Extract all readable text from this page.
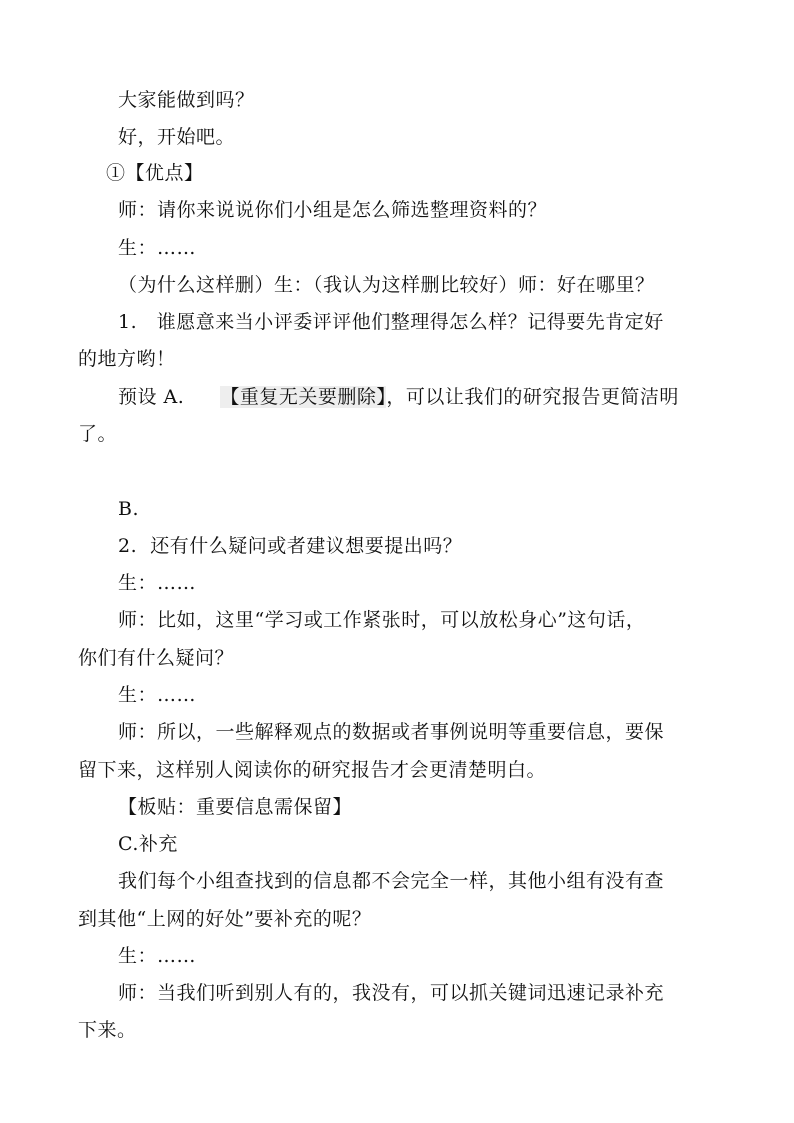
大家能做到吗？
好，开始吧。
①【优点】
师：请你来说说你们小组是怎么筛选整理资料的？
生：……
（为什么这样删）生：（我认为这样删比较好）师：好在哪里？
1.   谁愿意来当小评委评评他们整理得怎么样？记得要先肯定好
的地方哟！
预设 A. 【重复无关要删除】，可以让我们的研究报告更简洁明
了。
B.
2.  还有什么疑问或者建议想要提出吗？
生：……
师：比如，这里“学习或工作紧张时，可以放松身心”这句话，
你们有什么疑问？
生：……
师：所以，一些解释观点的数据或者事例说明等重要信息，要保
留下来，这样别人阅读你的研究报告才会更清楚明白。
【板贴：重要信息需保留】
C.补充
我们每个小组查找到的信息都不会完全一样，其他小组有没有查
到其他“上网的好处”要补充的呢？
生：……
师：当我们听到别人有的，我没有，可以抓关键词迅速记录补充
下来。
